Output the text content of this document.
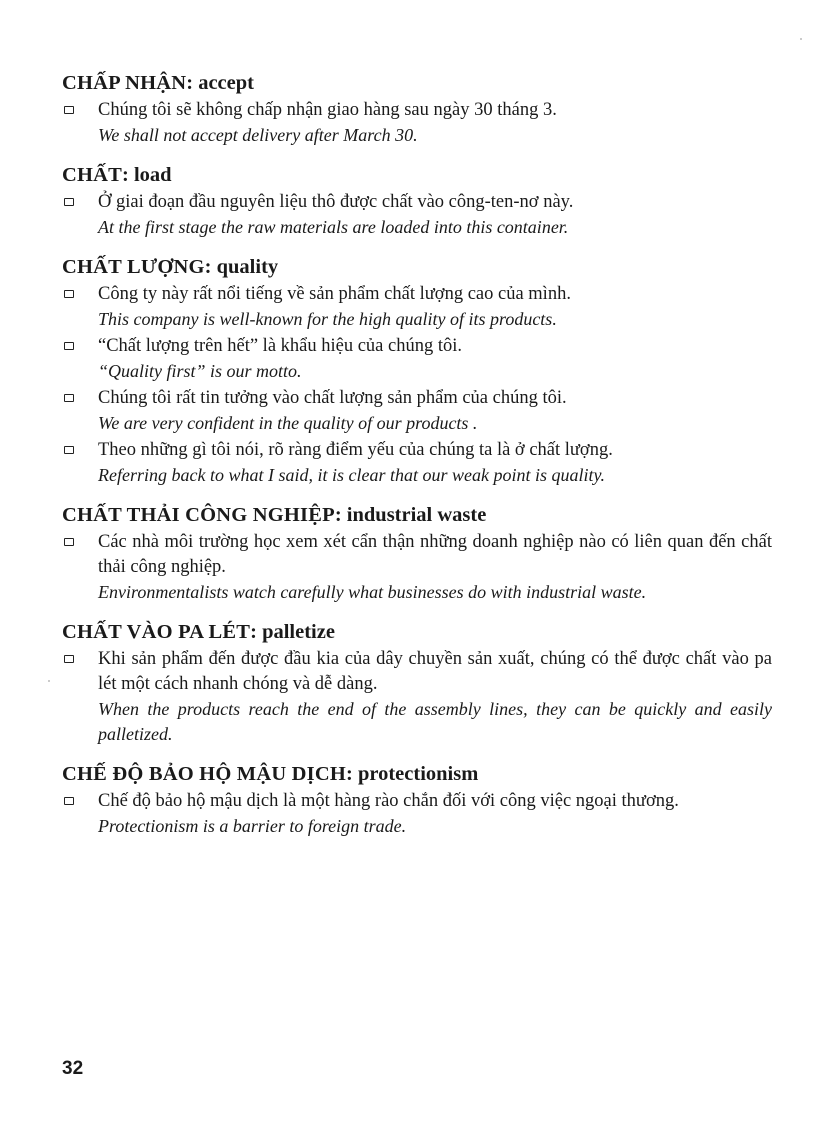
CHẤP NHẬN: accept
Chúng tôi sẽ không chấp nhận giao hàng sau ngày 30 tháng 3.
We shall not accept delivery after March 30.
CHẤT: load
Ở giai đoạn đầu nguyên liệu thô được chất vào công-ten-nơ này.
At the first stage the raw materials are loaded into this container.
CHẤT LƯỢNG: quality
Công ty này rất nổi tiếng về sản phẩm chất lượng cao của mình.
This company is well-known for the high quality of its products.
“Chất lượng trên hết” là khẩu hiệu của chúng tôi.
“Quality first” is our motto.
Chúng tôi rất tin tưởng vào chất lượng sản phẩm của chúng tôi.
We are very confident in the quality of our products .
Theo những gì tôi nói, rõ ràng điểm yếu của chúng ta là ở chất lượng.
Referring back to what I said, it is clear that our weak point is quality.
CHẤT THẢI CÔNG NGHIỆP: industrial waste
Các nhà môi trường học xem xét cẩn thận những doanh nghiệp nào có liên quan đến chất thải công nghiệp.
Environmentalists watch carefully what businesses do with industrial waste.
CHẤT VÀO PA LÉT: palletize
Khi sản phẩm đến được đầu kia của dây chuyền sản xuất, chúng có thể được chất vào pa lét một cách nhanh chóng và dễ dàng.
When the products reach the end of the assembly lines, they can be quickly and easily palletized.
CHẾ ĐỘ BẢO HỘ MẬU DỊCH: protectionism
Chế độ bảo hộ mậu dịch là một hàng rào chắn đối với công việc ngoại thương.
Protectionism is a barrier to foreign trade.
32
